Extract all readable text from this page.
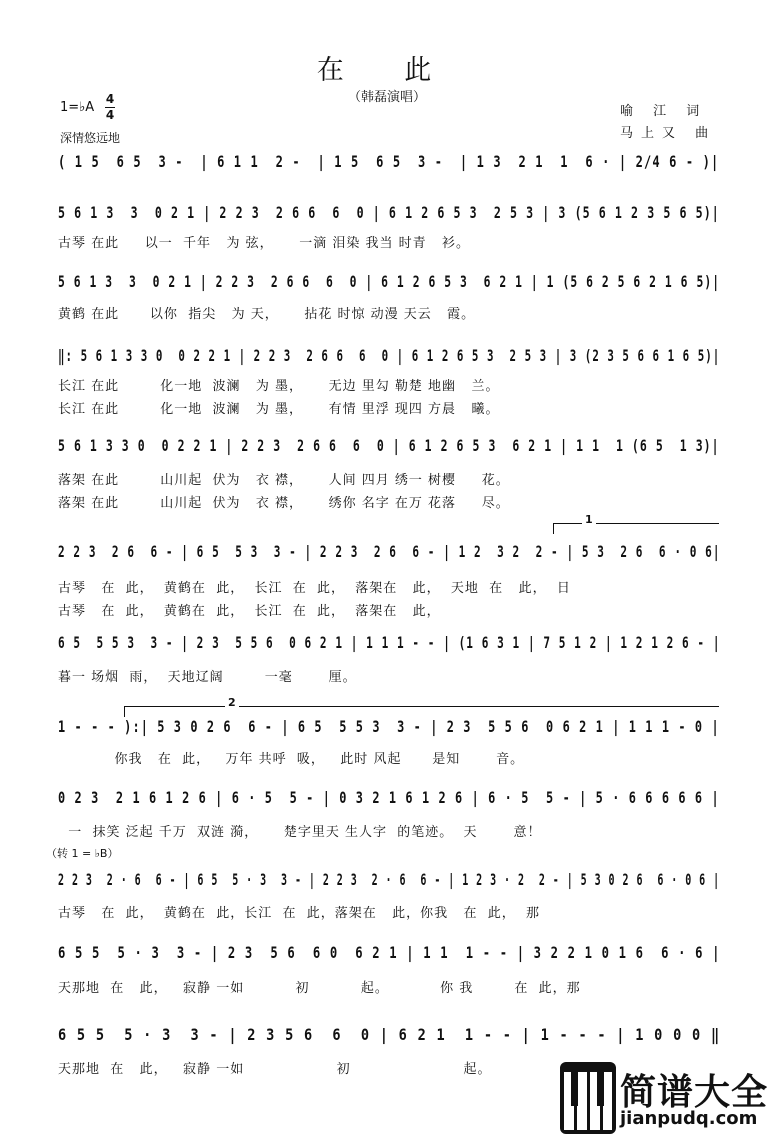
在 此
（韩磊演唱）
1=♭A
4
4
深情悠远地
喻 江 词
马上又 曲
( 1 5  6 5  3 -  | 6 1 1  2 -  | 1 5  6 5  3 -  | 1 3  2 1  1  6 · | 2/4 6 - )|
5 6 1 3  3  0 2 1 | 2 2 3  2 6 6  6  0 | 6 1 2 6 5 3  2 5 3 | 3 (5 6 1 2 3 5 6 5)|
5 6 1 3  3  0 2 1 | 2 2 3  2 6 6  6  0 | 6 1 2 6 5 3  6 2 1 | 1 (5 6 2 5 6 2 1 6 5)|
‖: 5 6 1 3 3 0  0 2 2 1 | 2 2 3  2 6 6  6  0 | 6 1 2 6 5 3  2 5 3 | 3 (2 3 5 6 6 1 6 5)|
5 6 1 3 3 0  0 2 2 1 | 2 2 3  2 6 6  6  0 | 6 1 2 6 5 3  6 2 1 | 1 1  1 (6 5  1 3)|
2 2 3  2 6  6 - | 6 5  5 3  3 - | 2 2 3  2 6  6 - | 1 2  3 2  2 - | 5 3  2 6  6 · 0 6|
6 5  5 5 3  3 - | 2 3  5 5 6  0 6 2 1 | 1 1 1 - - | (1 6 3 1 | 7 5 1 2 | 1 2 1 2 6 - |
1 - - - ):| 5 3 0 2 6  6 - | 6 5  5 5 3  3 - | 2 3  5 5 6  0 6 2 1 | 1 1 1 - 0 |
0 2 3  2 1 6 1 2 6 | 6 · 5  5 - | 0 3 2 1 6 1 2 6 | 6 · 5  5 - | 5 · 6 6 6 6 6 |
2 2 3  2 · 6  6 - | 6 5  5 · 3  3 - | 2 2 3  2 · 6  6 - | 1 2 3 · 2  2 - | 5 3 0 2 6  6 · 0 6 |
6 5 5  5 · 3  3 - | 2 3  5 6  6 0  6 2 1 | 1 1  1 - - | 3 2 2 1 0 1 6  6 · 6 |
6 5 5  5 · 3  3 - | 2 3 5 6  6  0 | 6 2 1  1 - - | 1 - - - | 1 0 0 0 ‖
古琴 在此     以一  千年   为 弦，     一滴 泪染 我当 时青   衫。
黄鹤 在此      以你  指尖   为 天，     拈花 时惊 动漫 天云   霞。
长江 在此        化一地  波澜   为 墨，     无边 里勾 勒楚 地幽   兰。
长江 在此        化一地  波澜   为 墨，     有情 里浮 现四 方晨   曦。
落架 在此        山川起  伏为   衣 襟，     人间 四月 绣一 树樱     花。
落架 在此        山川起  伏为   衣 襟，     绣你 名字 在万 花落     尽。
古琴   在  此，  黄鹤在  此，  长江  在  此，  落架在   此，  天地  在   此，  日
古琴   在  此，  黄鹤在  此，  长江  在  此，  落架在   此，
暮一 场烟  雨，  天地辽阔        一毫       厘。
你我   在  此，   万年 共呼  吸，   此时 风起      是知       音。
一  抹笑 泛起 千万  双涟 漪，     楚字里天 生人字  的笔迹。  天       意！
古琴   在  此，  黄鹤在  此，长江  在  此，落架在   此，你我   在  此，  那
天那地  在   此，   寂静 一如          初          起。          你 我        在  此，那
天那地  在   此，   寂静 一如                  初                      起。
1
2
（转 1 = ♭B）
简谱大全
jianpudq.com
